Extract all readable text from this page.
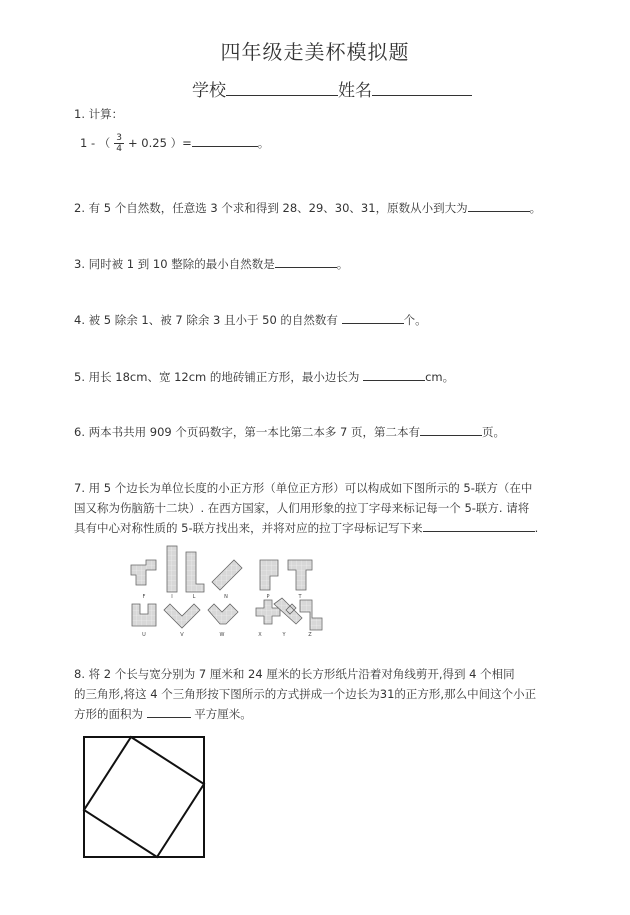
四年级走美杯模拟题
学校	姓名
1. 计算：
1 - （ $\frac{3}{4} + 0.25$ ）=	。
2. 有 5 个自然数，任意选 3 个求和得到 28、29、30、31，原数从小到大为	。
3. 同时被 1 到 10 整除的最小自然数是	。
4. 被 5 除余 1、被 7 除余 3 且小于 50 的自然数有	个。
5. 用长 18cm、宽 12cm 的地砖铺正方形，最小边长为	cm。
6. 两本书共用 909 个页码数字，第一本比第二本多 7 页，第二本有	页。
7. 用 5 个边长为单位长度的小正方形（单位正方形）可以构成如下图所示的 5-联方（在中
国又称为伤脑筋十二块）. 在西方国家，人们用形象的拉丁字母来标记每一个 5-联方. 请将
具有中心对称性质的 5-联方找出来，并将对应的拉丁字母标记写下来	.
F	I	L	N	P	T
U	V	W	X	Y	Z
8. 将 2 个长与宽分别为 7 厘米和 24 厘米的长方形纸片沿着对角线剪开,得到 4 个相同
的三角形,将这 4 个三角形按下图所示的方式拼成一个边长为31的正方形,那么中间这个小正
方形的面积为	平方厘米。
